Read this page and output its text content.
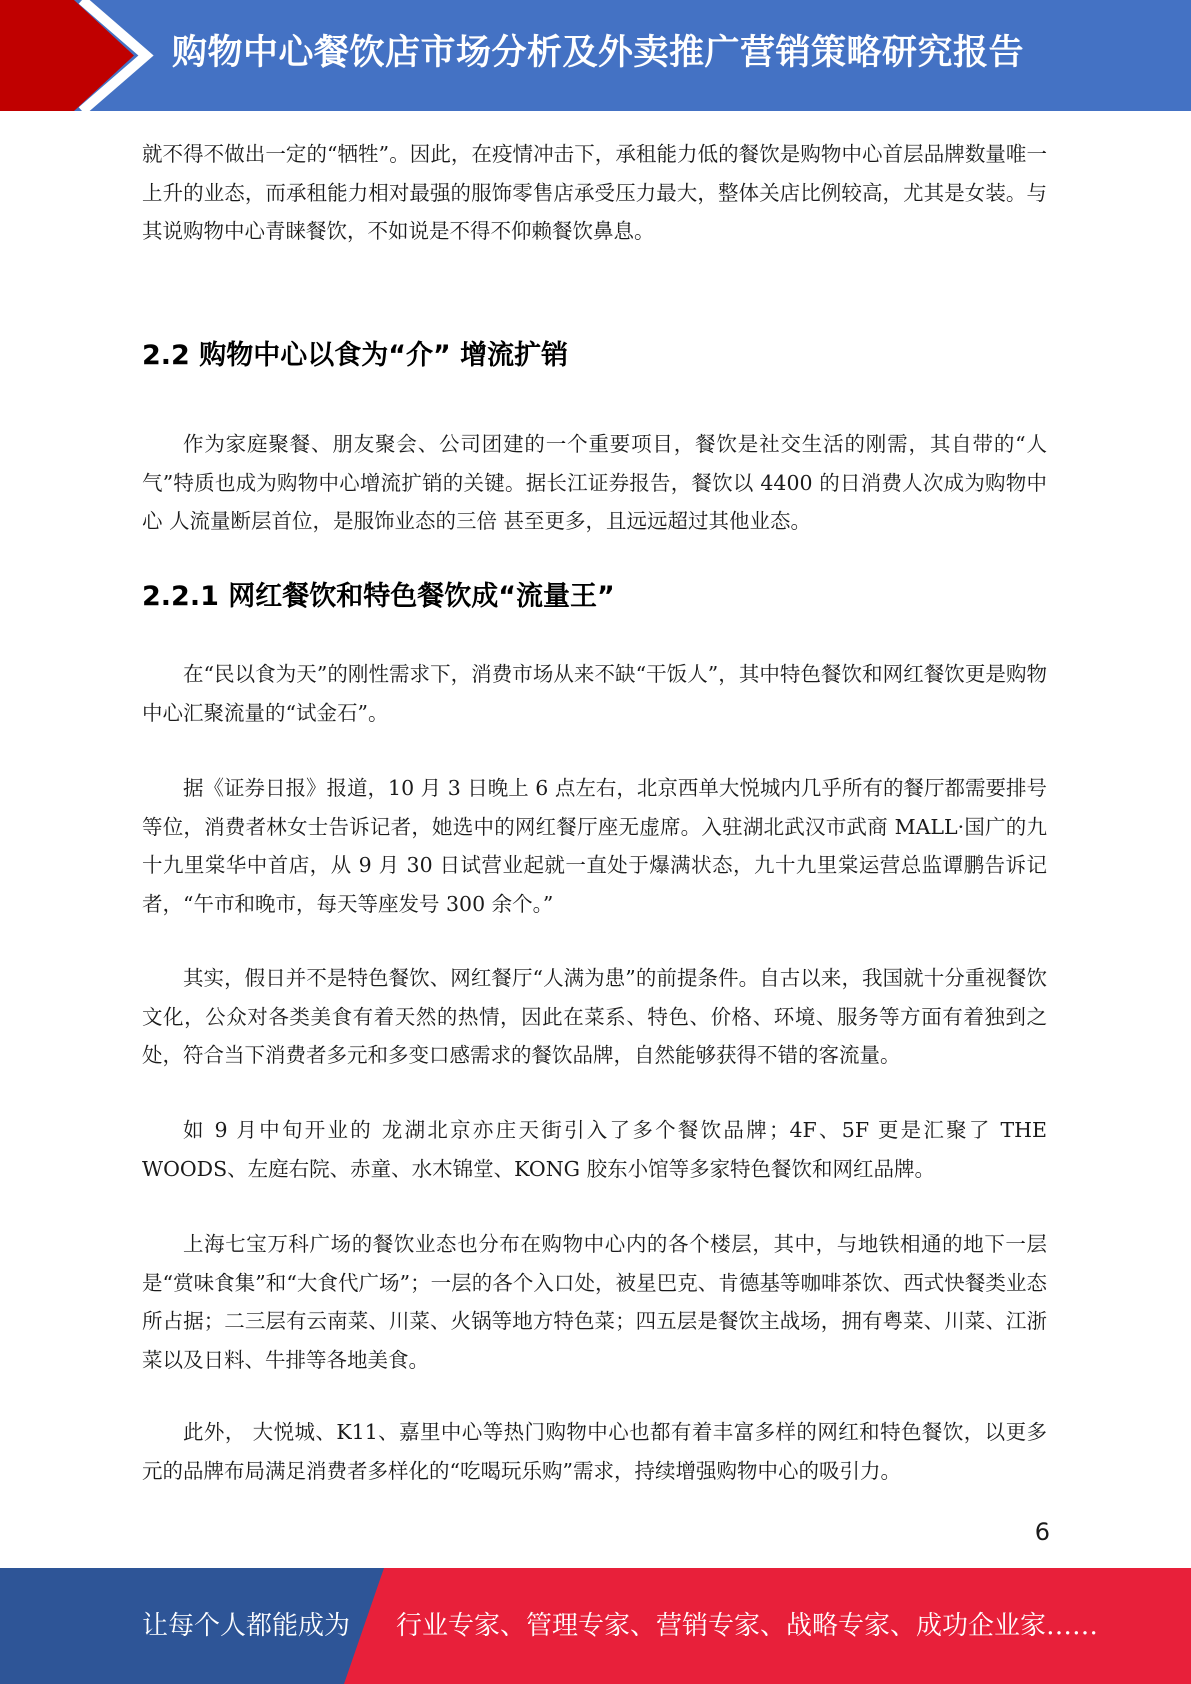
购物中心餐饮店市场分析及外卖推广营销策略研究报告

就不得不做出一定的“牺牲”。因此，在疫情冲击下，承租能力低的餐饮是购物中心首层品牌数量唯一上升的业态，而承租能力相对最强的服饰零售店承受压力最大，整体关店比例较高，尤其是女装。与其说购物中心青睐餐饮，不如说是不得不仰赖餐饮鼻息。

2.2 购物中心以食为“介” 增流扩销

作为家庭聚餐、朋友聚会、公司团建的一个重要项目，餐饮是社交生活的刚需，其自带的“人气”特质也成为购物中心增流扩销的关键。据长江证券报告，餐饮以 4400 的日消费人次成为购物中心 人流量断层首位，是服饰业态的三倍 甚至更多，且远远超过其他业态。

2.2.1 网红餐饮和特色餐饮成“流量王”

在“民以食为天”的刚性需求下，消费市场从来不缺“干饭人”，其中特色餐饮和网红餐饮更是购物中心汇聚流量的“试金石”。

据《证券日报》报道，10 月 3 日晚上 6 点左右，北京西单大悦城内几乎所有的餐厅都需要排号等位，消费者林女士告诉记者，她选中的网红餐厅座无虚席。入驻湖北武汉市武商 MALL·国广的九十九里棠华中首店，从 9 月 30 日试营业起就一直处于爆满状态，九十九里棠运营总监谭鹏告诉记者，“午市和晚市，每天等座发号 300 余个。”

其实，假日并不是特色餐饮、网红餐厅“人满为患”的前提条件。自古以来，我国就十分重视餐饮文化，公众对各类美食有着天然的热情，因此在菜系、特色、价格、环境、服务等方面有着独到之处，符合当下消费者多元和多变口感需求的餐饮品牌，自然能够获得不错的客流量。

如 9 月中旬开业的 龙湖北京亦庄天街引入了多个餐饮品牌；4F、5F 更是汇聚了 THE WOODS、左庭右院、赤童、水木锦堂、KONG 胶东小馆等多家特色餐饮和网红品牌。

上海七宝万科广场的餐饮业态也分布在购物中心内的各个楼层，其中，与地铁相通的地下一层是“赏味食集”和“大食代广场”；一层的各个入口处，被星巴克、肯德基等咖啡茶饮、西式快餐类业态所占据；二三层有云南菜、川菜、火锅等地方特色菜；四五层是餐饮主战场，拥有粤菜、川菜、江浙菜以及日料、牛排等各地美食。

此外， 大悦城、K11、嘉里中心等热门购物中心也都有着丰富多样的网红和特色餐饮，以更多元的品牌布局满足消费者多样化的“吃喝玩乐购”需求，持续增强购物中心的吸引力。

6
让每个人都能成为 行业专家、管理专家、营销专家、战略专家、成功企业家……
